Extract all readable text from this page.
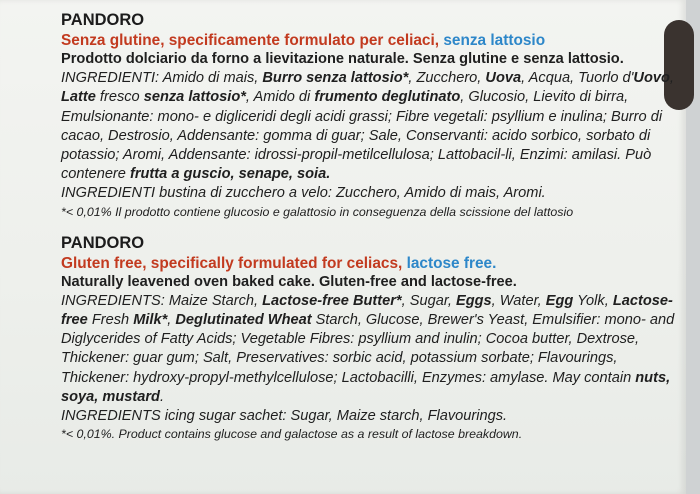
PANDORO

Senza glutine, specificamente formulato per celiaci, senza lattosio

Prodotto dolciario da forno a lievitazione naturale. Senza glutine e senza lattosio.

INGREDIENTI: Amido di mais, Burro senza lattosio*, Zucchero, Uova, Acqua, Tuorlo d'Uovo, Latte fresco senza lattosio*, Amido di frumento deglutinato, Glucosio, Lievito di birra, Emulsionante: mono- e digliceridi degli acidi grassi; Fibre vegetali: psyllium e inulina; Burro di cacao, Destrosio, Addensante: gomma di guar; Sale, Conservanti: acido sorbico, sorbato di potassio; Aromi, Addensante: idrossi-propil-metilcellulosa; Lattobacil-li, Enzimi: amilasi. Può contenere frutta a guscio, senape, soia.

INGREDIENTI bustina di zucchero a velo: Zucchero, Amido di mais, Aromi.

*< 0,01% Il prodotto contiene glucosio e galattosio in conseguenza della scissione del lattosio

PANDORO

Gluten free, specifically formulated for celiacs, lactose free.

Naturally leavened oven baked cake. Gluten-free and lactose-free.

INGREDIENTS: Maize Starch, Lactose-free Butter*, Sugar, Eggs, Water, Egg Yolk, Lactose-free Fresh Milk*, Deglutinated Wheat Starch, Glucose, Brewer's Yeast, Emulsifier: mono- and Diglycerides of Fatty Acids; Vegetable Fibres: psyllium and inulin; Cocoa butter, Dextrose, Thickener: guar gum; Salt, Preservatives: sorbic acid, potassium sorbate; Flavourings, Thickener: hydroxy-propyl-methylcellulose; Lactobacilli, Enzymes: amylase. May contain nuts, soya, mustard.

INGREDIENTS icing sugar sachet: Sugar, Maize starch, Flavourings.

*< 0,01%. Product contains glucose and galactose as a result of lactose breakdown.
